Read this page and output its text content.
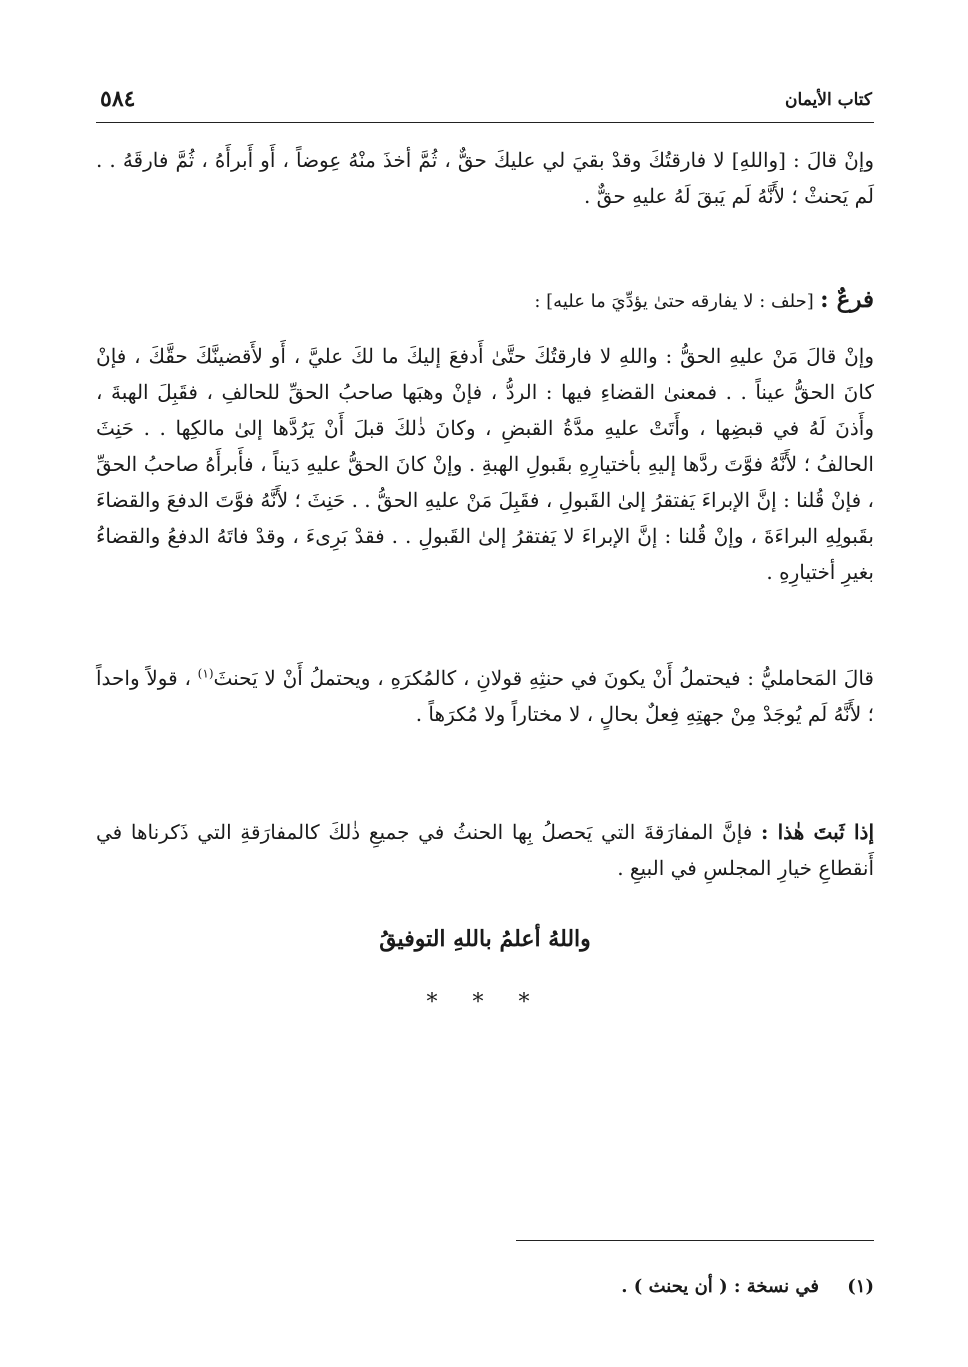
كتاب الأيمان
٥٨٤

وإنْ قالَ : [واللهِ] لا فارقتُكَ وقدْ بقيَ لي عليكَ حقٌّ ، ثُمَّ أخذَ منْهُ عِوضاً ، أَو أَبرأَهُ ، ثُمَّ فارقَهُ . . لَم يَحنثْ ؛ لأَنَّهُ لَم يَبقَ لَهُ عليهِ حقٌّ .

فرعٌ : [حلف : لا يفارقه حتىٰ يؤدِّيَ ما عليه] :

وإنْ قالَ مَنْ عليهِ الحقُّ : واللهِ لا فارقتُكَ حتَّىٰ أَدفعَ إليكَ ما لكَ عليَّ ، أَو لأَقضينَّكَ حقَّكَ ، فإنْ كانَ الحقُّ عيناً . . فمعنىٰ القضاءِ فيها : الردُّ ، فإنْ وهبَها صاحبُ الحقِّ للحالفِ ، فقَبِلَ الهبةَ ، وأَذنَ لَهُ في قبضِها ، وأَتَتْ عليهِ مدَّةُ القبضِ ، وكانَ ذٰلكَ قبلَ أَنْ يَرُدَّها إلىٰ مالكِها . . حَنِثَ الحالفُ ؛ لأَنَّهُ فوَّتَ ردَّها إليهِ بأختيارِهِ بقَبولِ الهبةِ . وإنْ كانَ الحقُّ عليهِ دَيناً ، فأَبرأَهُ صاحبُ الحقِّ ، فإنْ قُلنا : إنَّ الإبراءَ يَفتقرُ إلىٰ القَبولِ ، فقَبِلَ مَنْ عليهِ الحقُّ . . حَنِثَ ؛ لأَنَّهُ فوَّتَ الدفعَ والقضاءَ بقَبولِهِ البراءَةَ ، وإنْ قُلنا : إنَّ الإبراءَ لا يَفتقرُ إلىٰ القَبولِ . . فقدْ بَرِىءَ ، وقدْ فاتَهُ الدفعُ والقضاءُ بغيرِ أختيارِهِ .

قالَ المَحامليُّ : فيحتملُ أَنْ يكونَ في حنثِهِ قولانِ ، كالمُكرَهِ ، ويحتملُ أَنْ لا يَحنثَ$^{(١)}$ ، قولاً واحداً ؛ لأَنَّهُ لَم يُوجَدْ مِنْ جهتِهِ فِعلٌ بحالٍ ، لا مختاراً ولا مُكرَهاً .

إذا ثَبتَ هٰذا : فإنَّ المفارَقةَ التي يَحصلُ بِها الحنثُ في جميعِ ذٰلكَ كالمفارَقةِ التي ذَكرناها في أَنقطاعِ خيارِ المجلسِ في البيعِ .

واللهُ أعلمُ باللهِ التوفيقُ
* * *
(١) في نسخة : ( أن يحنث ) .
